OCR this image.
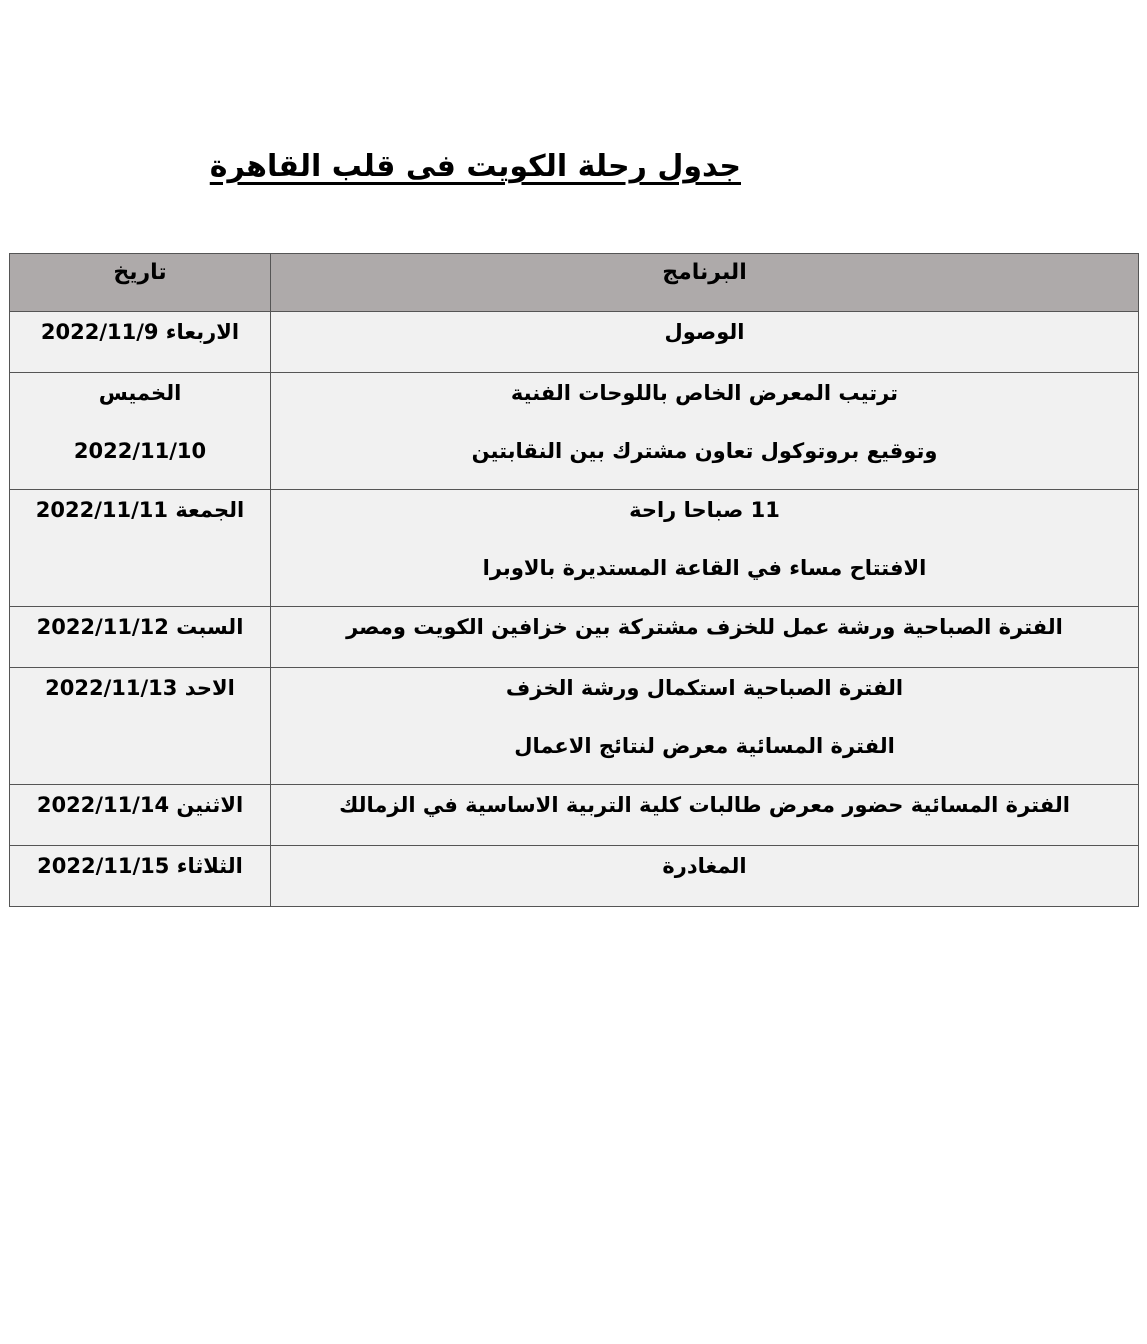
جدول رحلة الكويت فى قلب القاهرة
البرنامج	تاريخ

الوصول	الاربعاء 2022/11/9

ترتيب المعرض الخاص باللوحات الفنية
وتوقيع بروتوكول تعاون مشترك بين النقابتين	الخميس
2022/11/10

11 صباحا راحة
الافتتاح مساء في القاعة المستديرة بالاوبرا	الجمعة 2022/11/11

الفترة الصباحية ورشة عمل للخزف مشتركة بين خزافين الكويت ومصر	السبت 2022/11/12

الفترة الصباحية استكمال ورشة الخزف
الفترة المسائية معرض لنتائج الاعمال	الاحد 2022/11/13

الفترة المسائية حضور معرض طالبات كلية التربية الاساسية في الزمالك	الاثنين 2022/11/14

المغادرة	الثلاثاء 2022/11/15
